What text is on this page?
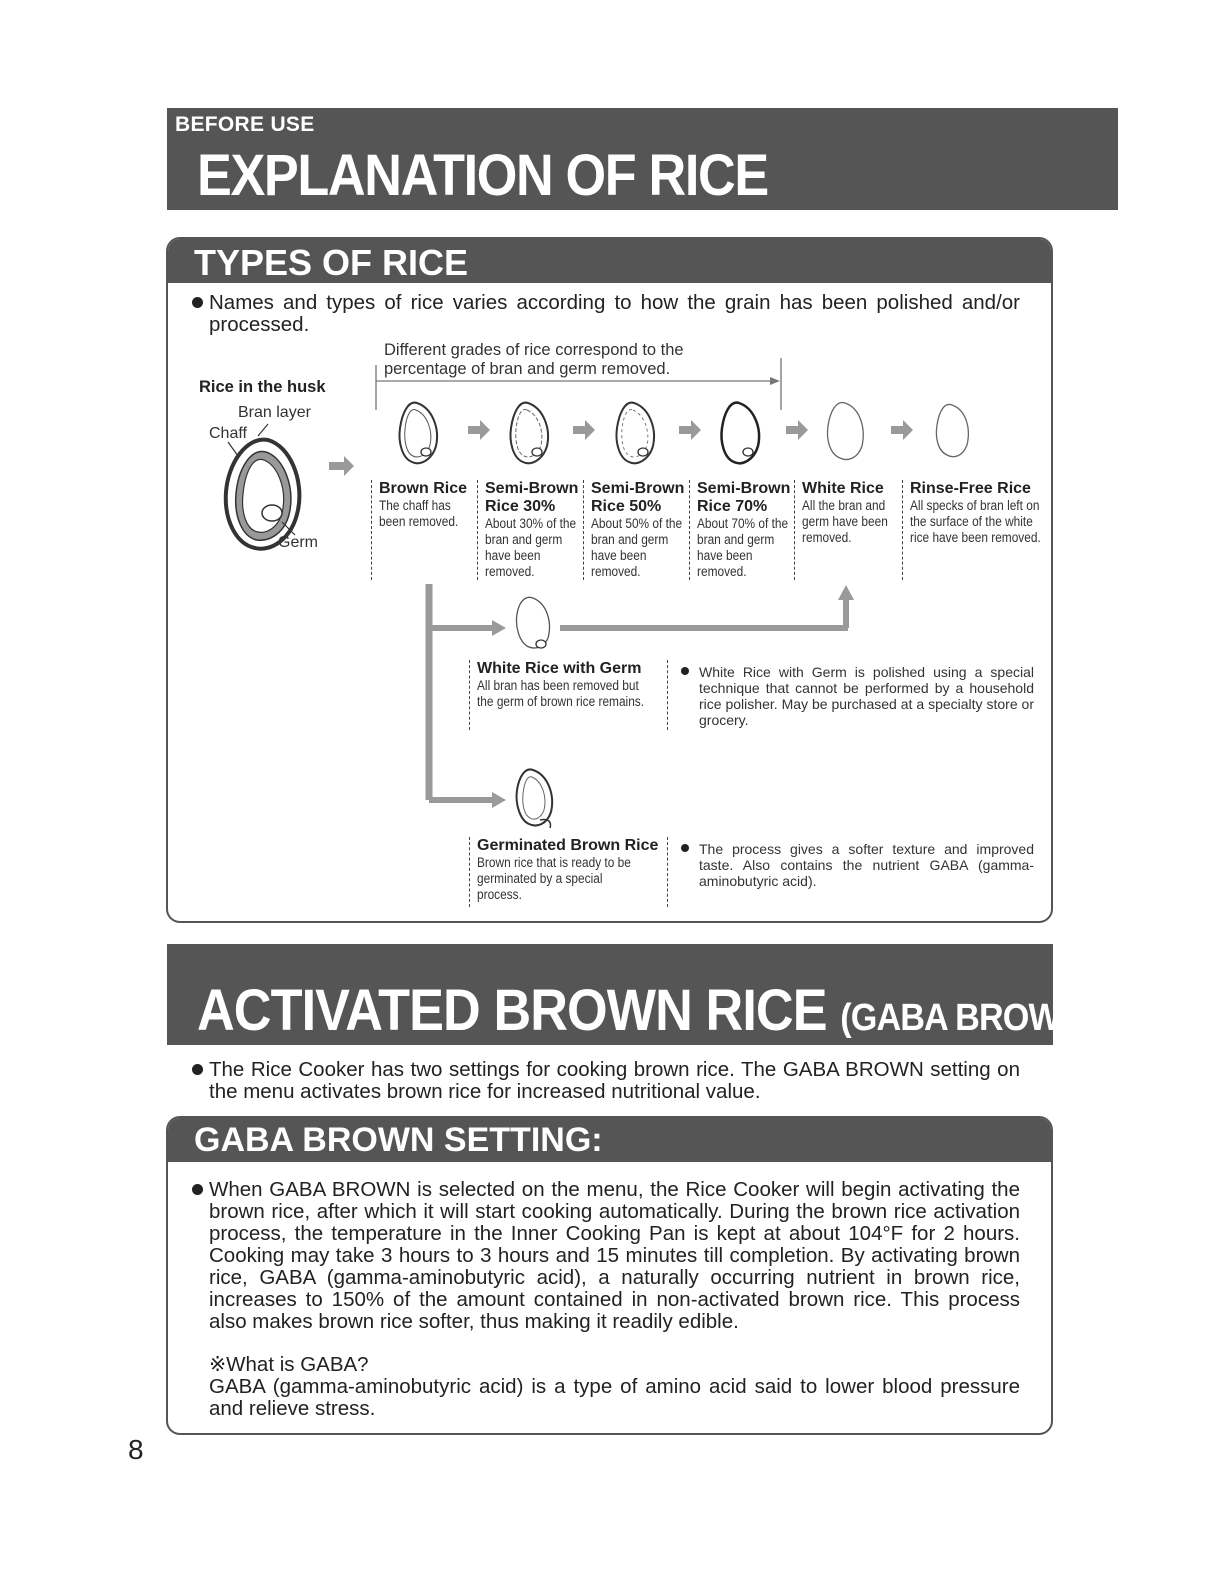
BEFORE USE
EXPLANATION OF RICE
TYPES OF RICE
Names and types of rice varies according to how the grain has been polished and/or processed.
Different grades of rice correspond to the percentage of bran and germ removed.
Rice in the husk
Bran layer
Chaff
Albumen
Germ
Brown Rice
The chaff has been removed.
Semi-Brown Rice 30%
About 30% of the bran and germ have been removed.
Semi-Brown Rice 50%
About 50% of the bran and germ have been removed.
Semi-Brown Rice 70%
About 70% of the bran and germ have been removed.
White Rice
All the bran and germ have been removed.
Rinse-Free Rice
All specks of bran left on the surface of the white rice have been removed.
White Rice with Germ
All bran has been removed but the germ of brown rice remains.
White Rice with Germ is polished using a special technique that cannot be performed by a household rice polisher. May be purchased at a specialty store or grocery.
Germinated Brown Rice
Brown rice that is ready to be germinated by a special process.
The process gives a softer texture and improved taste. Also contains the nutrient GABA (gamma-aminobutyric acid).
ACTIVATED BROWN RICE (GABA BROWN)
The Rice Cooker has two settings for cooking brown rice. The GABA BROWN setting on the menu activates brown rice for increased nutritional value.
GABA BROWN SETTING:
When GABA BROWN is selected on the menu, the Rice Cooker will begin activating the brown rice, after which it will start cooking automatically. During the brown rice activation process, the temperature in the Inner Cooking Pan is kept at about 104°F for 2 hours. Cooking may take 3 hours to 3 hours and 15 minutes till completion. By activating brown rice, GABA (gamma-aminobutyric acid), a naturally occurring nutrient in brown rice, increases to 150% of the amount contained in non-activated brown rice. This process also makes brown rice softer, thus making it readily edible.
※What is GABA?
GABA (gamma-aminobutyric acid) is a type of amino acid said to lower blood pressure and relieve stress.
8
